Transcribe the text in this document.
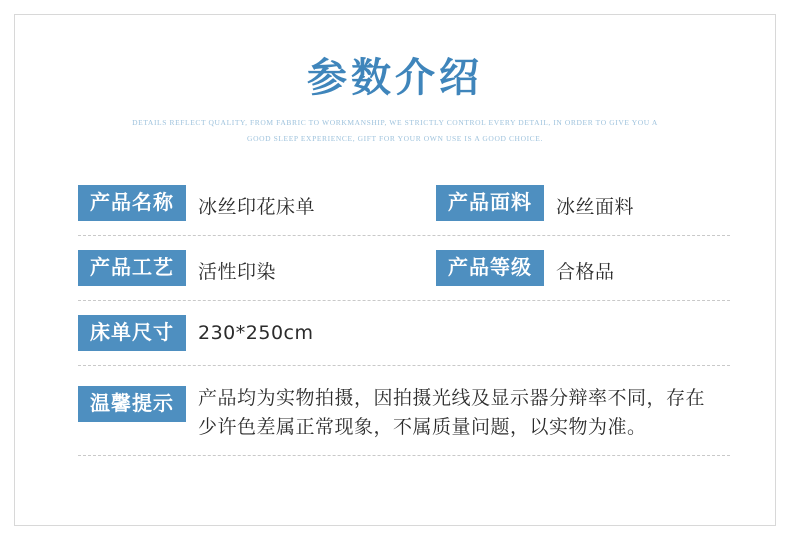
参数介绍
DETAILS REFLECT QUALITY, FROM FABRIC TO WORKMANSHIP, WE STRICTLY CONTROL EVERY DETAIL, IN ORDER TO GIVE YOU A
GOOD SLEEP EXPERIENCE, GIFT FOR YOUR OWN USE IS A GOOD CHOICE.
产品名称	冰丝印花床单	产品面料	冰丝面料
产品工艺	活性印染	产品等级	合格品
床单尺寸	230*250cm
温馨提示	产品均为实物拍摄，因拍摄光线及显示器分辩率不同，存在少许色差属正常现象，不属质量问题，以实物为准。
